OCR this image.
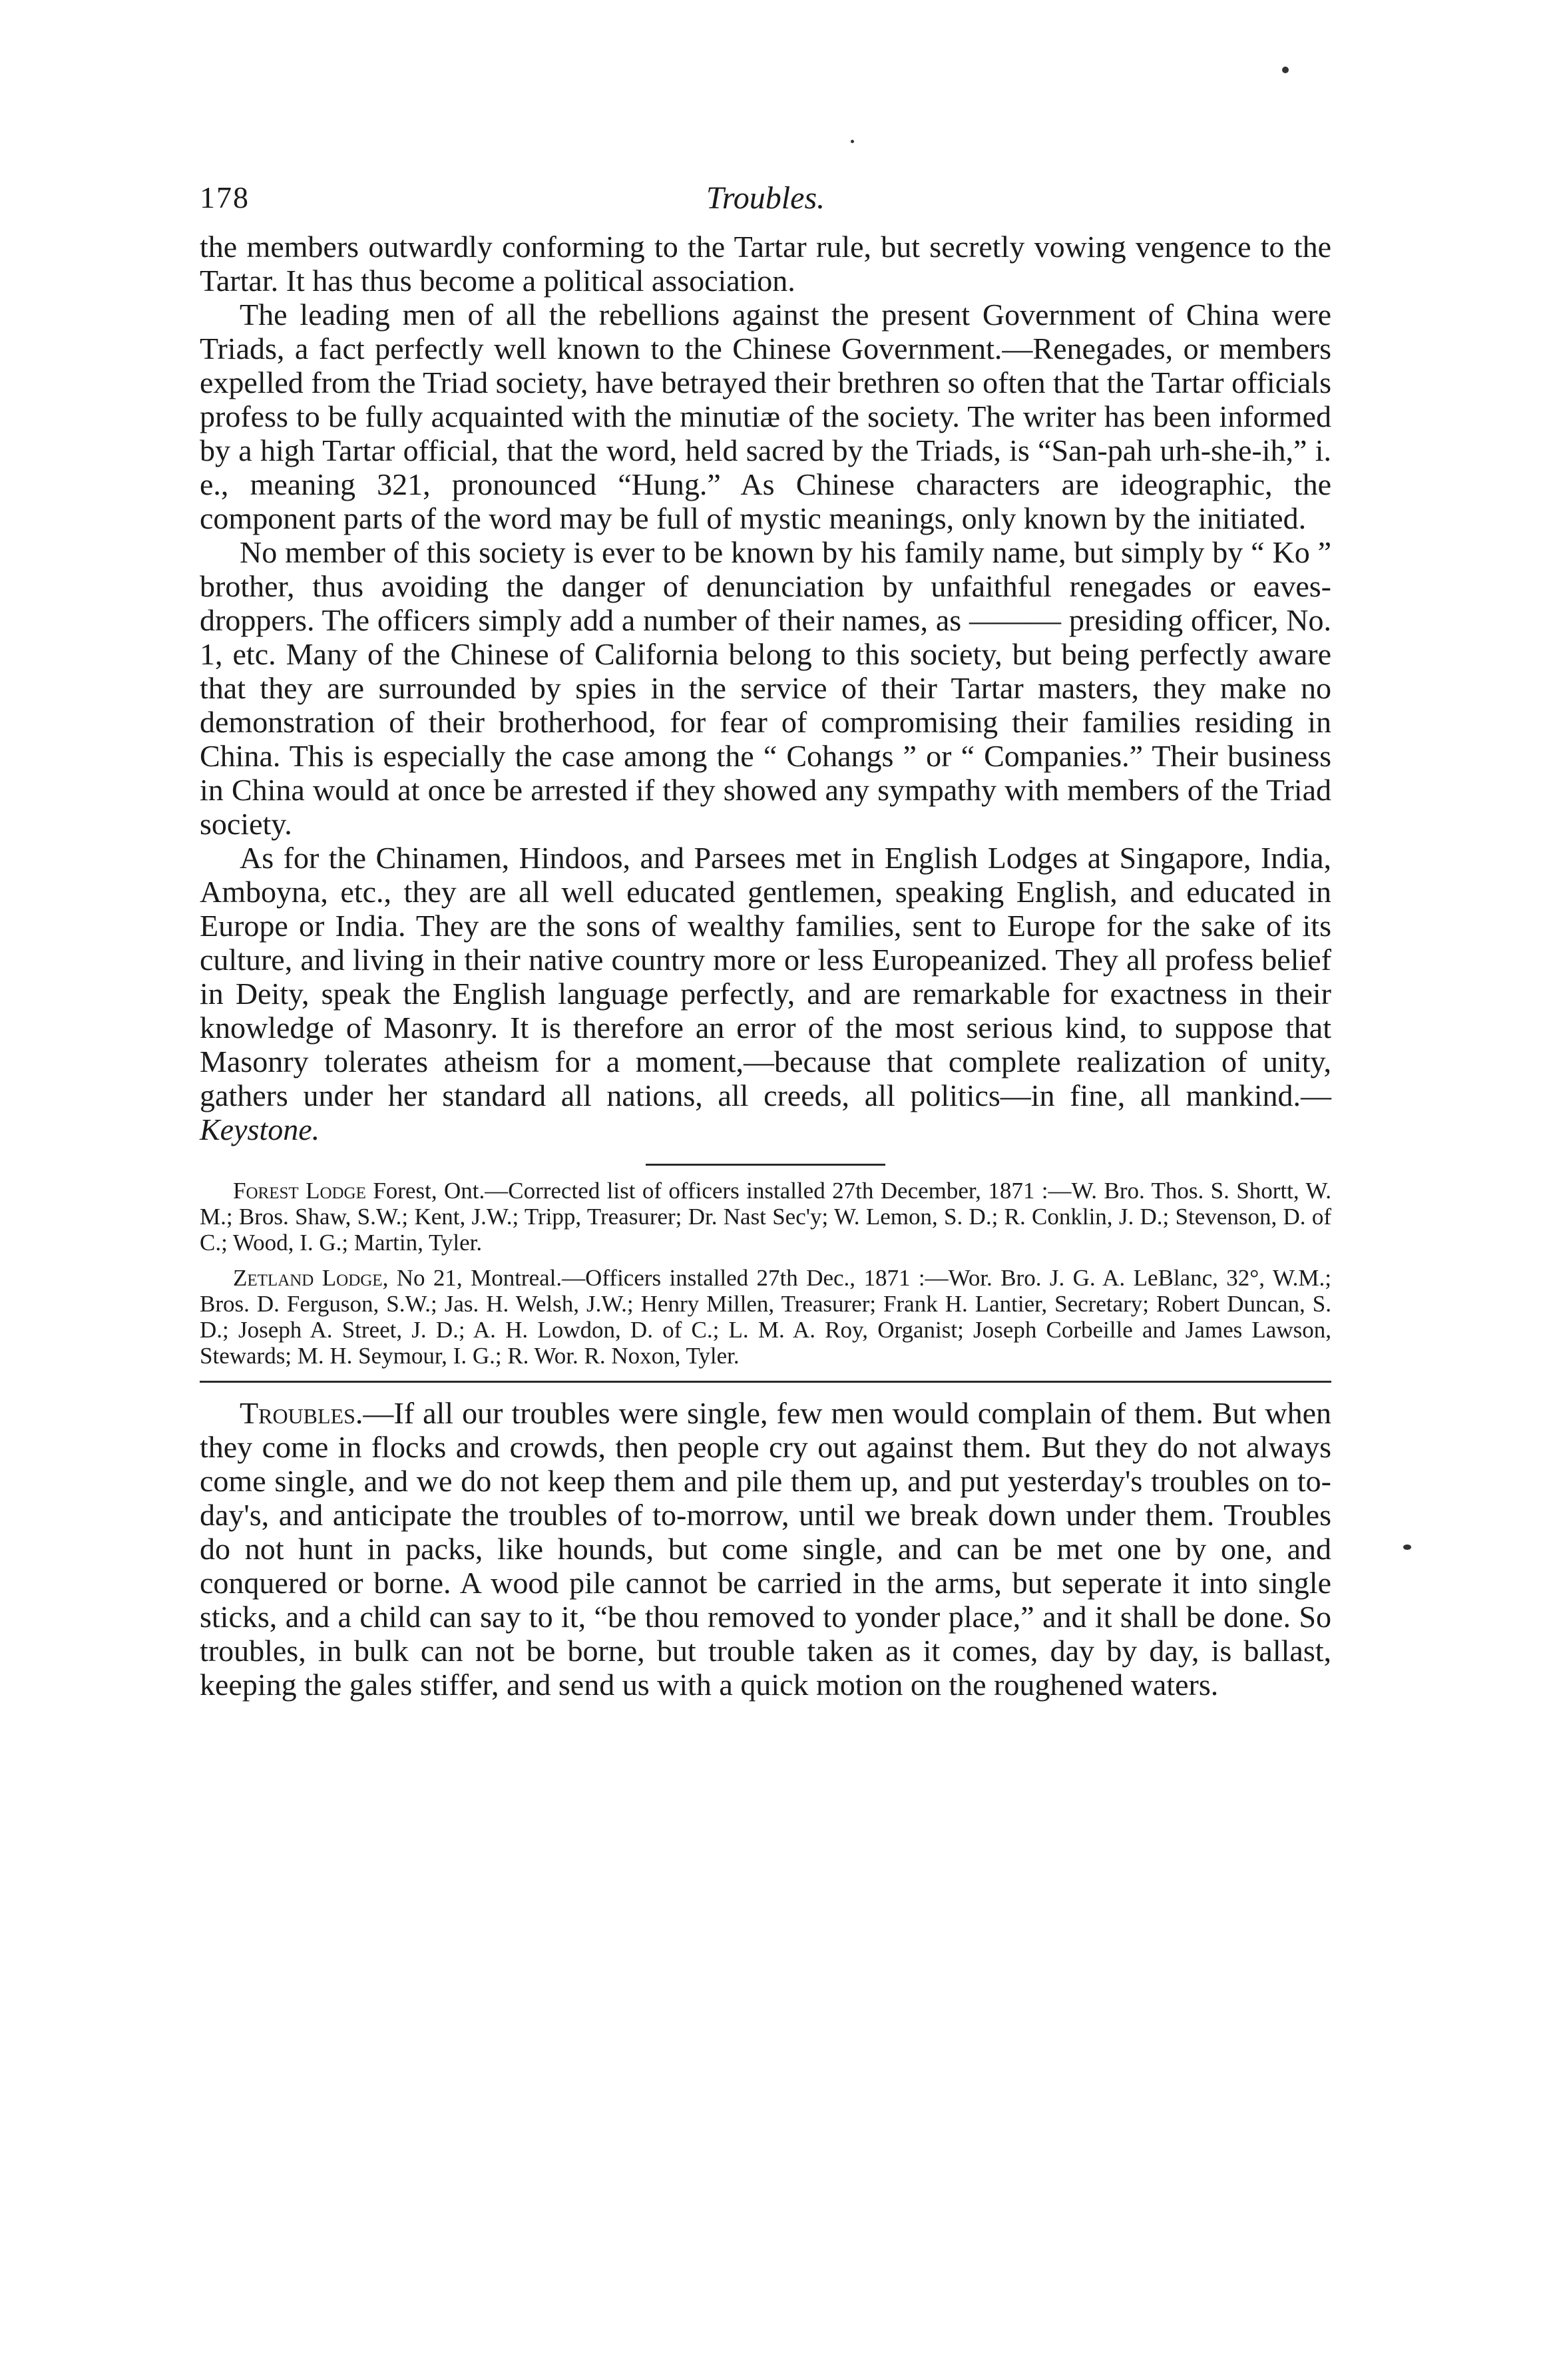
Troubles.
178

the members outwardly conforming to the Tartar rule, but secretly vowing vengence to the Tartar. It has thus become a political association.

The leading men of all the rebellions against the present Government of China were Triads, a fact perfectly well known to the Chinese Government.—Renegades, or members expelled from the Triad society, have betrayed their brethren so often that the Tartar officials profess to be fully acquainted with the minutiæ of the society. The writer has been informed by a high Tartar official, that the word, held sacred by the Triads, is “San-pah urh-she-ih,” i. e., meaning 321, pronounced “Hung.” As Chinese characters are ideographic, the component parts of the word may be full of mystic meanings, only known by the initiated.

No member of this society is ever to be known by his family name, but simply by “ Ko ” brother, thus avoiding the danger of denunciation by unfaithful renegades or eaves-droppers. The officers simply add a number of their names, as ——— presiding officer, No. 1, etc. Many of the Chinese of California belong to this society, but being perfectly aware that they are surrounded by spies in the service of their Tartar masters, they make no demonstration of their brotherhood, for fear of compromising their families residing in China. This is especially the case among the “ Cohangs ” or “ Companies.” Their business in China would at once be arrested if they showed any sympathy with members of the Triad society.

As for the Chinamen, Hindoos, and Parsees met in English Lodges at Singapore, India, Amboyna, etc., they are all well educated gentlemen, speaking English, and educated in Europe or India. They are the sons of wealthy families, sent to Europe for the sake of its culture, and living in their native country more or less Europeanized. They all profess belief in Deity, speak the English language perfectly, and are remarkable for exactness in their knowledge of Masonry. It is therefore an error of the most serious kind, to suppose that Masonry tolerates atheism for a moment,—because that complete realization of unity, gathers under her standard all nations, all creeds, all politics—in fine, all mankind.—Keystone.

Forest Lodge Forest, Ont.—Corrected list of officers installed 27th December, 1871 :—W. Bro. Thos. S. Shortt, W. M.; Bros. Shaw, S.W.; Kent, J.W.; Tripp, Treasurer; Dr. Nast Sec'y; W. Lemon, S. D.; R. Conklin, J. D.; Stevenson, D. of C.; Wood, I. G.; Martin, Tyler.

Zetland Lodge, No 21, Montreal.—Officers installed 27th Dec., 1871 :—Wor. Bro. J. G. A. LeBlanc, 32°, W.M.; Bros. D. Ferguson, S.W.; Jas. H. Welsh, J.W.; Henry Millen, Treasurer; Frank H. Lantier, Secretary; Robert Duncan, S. D.; Joseph A. Street, J. D.; A. H. Lowdon, D. of C.; L. M. A. Roy, Organist; Joseph Corbeille and James Lawson, Stewards; M. H. Seymour, I. G.; R. Wor. R. Noxon, Tyler.

Troubles.—If all our troubles were single, few men would complain of them. But when they come in flocks and crowds, then people cry out against them. But they do not always come single, and we do not keep them and pile them up, and put yesterday's troubles on to-day's, and anticipate the troubles of to-morrow, until we break down under them. Troubles do not hunt in packs, like hounds, but come single, and can be met one by one, and conquered or borne. A wood pile cannot be carried in the arms, but seperate it into single sticks, and a child can say to it, “be thou removed to yonder place,” and it shall be done. So troubles, in bulk can not be borne, but trouble taken as it comes, day by day, is ballast, keeping the gales stiffer, and send us with a quick motion on the roughened waters.
